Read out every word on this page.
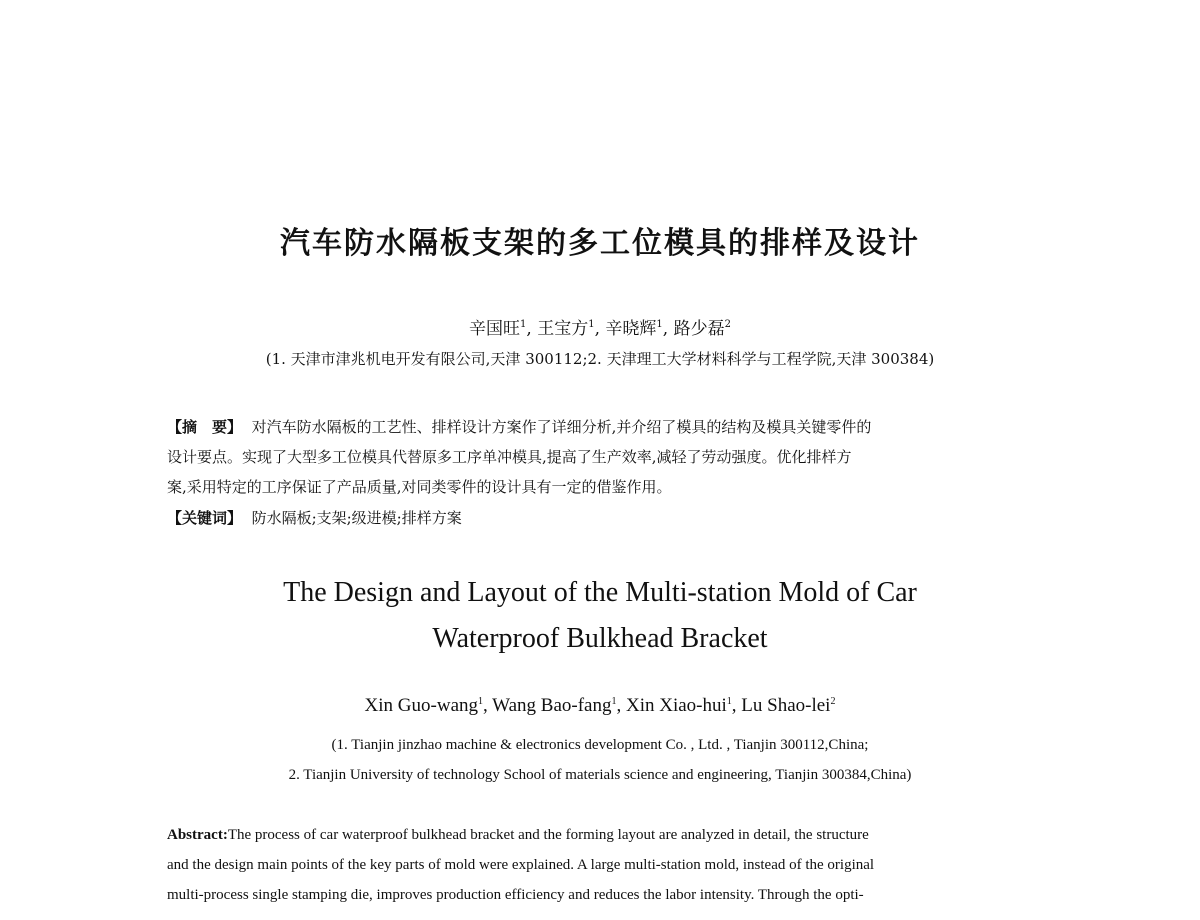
汽车防水隔板支架的多工位模具的排样及设计
辛国旺$^1$, 王宝方$^1$, 辛晓辉$^1$, 路少磊$^2$
(1. 天津市津兆机电开发有限公司,天津 300112;2. 天津理工大学材料科学与工程学院,天津 300384)
【摘　要】 对汽车防水隔板的工艺性、排样设计方案作了详细分析,并介绍了模具的结构及模具关键零件的
设计要点。实现了大型多工位模具代替原多工序单冲模具,提高了生产效率,减轻了劳动强度。优化排样方
案,采用特定的工序保证了产品质量,对同类零件的设计具有一定的借鉴作用。
【关键词】 防水隔板;支架;级进模;排样方案
The Design and Layout of the Multi-station Mold of Car
Waterproof Bulkhead Bracket
Xin Guo-wang$^1$, Wang Bao-fang$^1$, Xin Xiao-hui$^1$, Lu Shao-lei$^2$
(1. Tianjin jinzhao machine & electronics development Co. , Ltd. , Tianjin 300112,China;
2. Tianjin University of technology School of materials science and engineering, Tianjin 300384,China)
Abstract:The process of car waterproof bulkhead bracket and the forming layout are analyzed in detail, the structure
and the design main points of the key parts of mold were explained. A large multi-station mold, instead of the original
multi-process single stamping die, improves production efficiency and reduces the labor intensity. Through the opti-
